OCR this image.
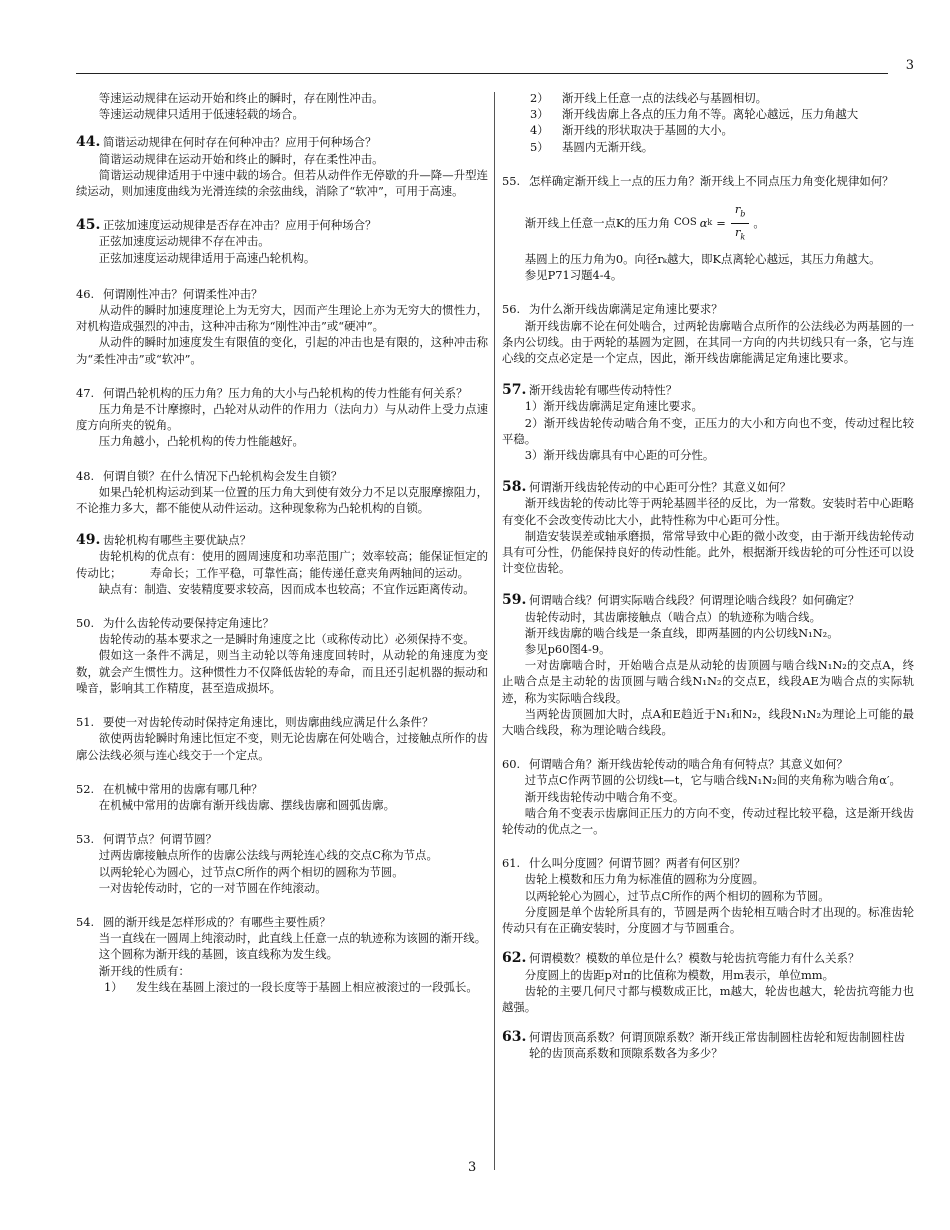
3
等速运动规律在运动开始和终止的瞬时，存在刚性冲击。
等速运动规律只适用于低速轻载的场合。
44. 简谐运动规律在何时存在何种冲击？应用于何种场合？
简谐运动规律在运动开始和终止的瞬时，存在柔性冲击。
简谐运动规律适用于中速中载的场合。但若从动件作无停歇的升—降—升型连续运动，则加速度曲线为光滑连续的余弦曲线，消除了“软冲”，可用于高速。
45. 正弦加速度运动规律是否存在冲击？应用于何种场合？
正弦加速度运动规律不存在冲击。
正弦加速度运动规律适用于高速凸轮机构。
46. 何谓刚性冲击？何谓柔性冲击？
从动件的瞬时加速度理论上为无穷大，因而产生理论上亦为无穷大的惯性力，对机构造成强烈的冲击，这种冲击称为“刚性冲击”或“硬冲”。
从动件的瞬时加速度发生有限值的变化，引起的冲击也是有限的，这种冲击称为“柔性冲击”或“软冲”。
47. 何谓凸轮机构的压力角？压力角的大小与凸轮机构的传力性能有何关系？
压力角是不计摩擦时，凸轮对从动件的作用力（法向力）与从动件上受力点速度方向所夹的锐角。
压力角越小，凸轮机构的传力性能越好。
48. 何谓自锁？在什么情况下凸轮机构会发生自锁？
如果凸轮机构运动到某一位置的压力角大到使有效分力不足以克服摩擦阻力，不论推力多大，都不能使从动件运动。这种现象称为凸轮机构的自锁。
49. 齿轮机构有哪些主要优缺点？
齿轮机构的优点有：使用的圆周速度和功率范围广；效率较高；能保证恒定的传动比；　　　寿命长；工作平稳，可靠性高；能传递任意夹角两轴间的运动。
缺点有：制造、安装精度要求较高，因而成本也较高；不宜作远距离传动。
50. 为什么齿轮传动要保持定角速比？
齿轮传动的基本要求之一是瞬时角速度之比（或称传动比）必须保持不变。
假如这一条件不满足，则当主动轮以等角速度回转时，从动轮的角速度为变数，就会产生惯性力。这种惯性力不仅降低齿轮的寿命，而且还引起机器的振动和噪音，影响其工作精度，甚至造成损坏。
51. 要使一对齿轮传动时保持定角速比，则齿廓曲线应满足什么条件？
欲使两齿轮瞬时角速比恒定不变，则无论齿廓在何处啮合，过接触点所作的齿廓公法线必须与连心线交于一个定点。
52. 在机械中常用的齿廓有哪几种？
在机械中常用的齿廓有渐开线齿廓、摆线齿廓和圆弧齿廓。
53. 何谓节点？何谓节圆？
过两齿廓接触点所作的齿廓公法线与两轮连心线的交点C称为节点。
以两轮轮心为圆心，过节点C所作的两个相切的圆称为节圆。
一对齿轮传动时，它的一对节圆在作纯滚动。
54. 圆的渐开线是怎样形成的？有哪些主要性质？
当一直线在一圆周上纯滚动时，此直线上任意一点的轨迹称为该圆的渐开线。
这个圆称为渐开线的基圆，该直线称为发生线。
渐开线的性质有：
1） 发生线在基圆上滚过的一段长度等于基圆上相应被滚过的一段弧长。
2） 渐开线上任意一点的法线必与基圆相切。
3） 渐开线齿廓上各点的压力角不等。离轮心越远，压力角越大
4） 渐开线的形状取决于基圆的大小。
5） 基圆内无渐开线。
55. 怎样确定渐开线上一点的压力角？渐开线上不同点压力角变化规律如何？
渐开线上任意一点K的压力角 COS α $k = \frac{r_b}{r_k}$ 。
基圆上的压力角为0。向径rₖ越大，即K点离轮心越远，其压力角越大。
参见P71习题4-4。
56. 为什么渐开线齿廓满足定角速比要求？
渐开线齿廓不论在何处啮合，过两轮齿廓啮合点所作的公法线必为两基圆的一条内公切线。由于两轮的基圆为定圆，在其同一方向的内共切线只有一条，它与连心线的交点必定是一个定点，因此，渐开线齿廓能满足定角速比要求。
57. 渐开线齿轮有哪些传动特性？
1）渐开线齿廓满足定角速比要求。
2）渐开线齿轮传动啮合角不变，正压力的大小和方向也不变，传动过程比较平稳。
3）渐开线齿廓具有中心距的可分性。
58. 何谓渐开线齿轮传动的中心距可分性？其意义如何？
渐开线齿轮的传动比等于两轮基圆半径的反比，为一常数。安装时若中心距略有变化不会改变传动比大小，此特性称为中心距可分性。
制造安装误差或轴承磨损，常常导致中心距的微小改变，由于渐开线齿轮传动具有可分性，仍能保持良好的传动性能。此外，根据渐开线齿轮的可分性还可以设计变位齿轮。
59. 何谓啮合线？何谓实际啮合线段？何谓理论啮合线段？如何确定？
齿轮传动时，其齿廓接触点（啮合点）的轨迹称为啮合线。
渐开线齿廓的啮合线是一条直线，即两基圆的内公切线N₁N₂。
参见p60图4-9。
一对齿廓啮合时，开始啮合点是从动轮的齿顶圆与啮合线N₁N₂的交点A，终止啮合点是主动轮的齿顶圆与啮合线N₁N₂的交点E，线段AE为啮合点的实际轨迹，称为实际啮合线段。
当两轮齿顶圆加大时，点A和E趋近于N₁和N₂，线段N₁N₂为理论上可能的最大啮合线段，称为理论啮合线段。
60. 何谓啮合角？渐开线齿轮传动的啮合角有何特点？其意义如何？
过节点C作两节圆的公切线t—t，它与啮合线N₁N₂间的夹角称为啮合角α′。
渐开线齿轮传动中啮合角不变。
啮合角不变表示齿廓间正压力的方向不变，传动过程比较平稳，这是渐开线齿轮传动的优点之一。
61. 什么叫分度圆？何谓节圆？两者有何区别？
齿轮上模数和压力角为标准值的圆称为分度圆。
以两轮轮心为圆心，过节点C所作的两个相切的圆称为节圆。
分度圆是单个齿轮所具有的，节圆是两个齿轮相互啮合时才出现的。标准齿轮传动只有在正确安装时，分度圆才与节圆重合。
62. 何谓模数？模数的单位是什么？模数与轮齿抗弯能力有什么关系？
分度圆上的齿距p对π的比值称为模数，用m表示，单位mm。
齿轮的主要几何尺寸都与模数成正比，m越大，轮齿也越大，轮齿抗弯能力也越强。
63. 何谓齿顶高系数？何谓顶隙系数？渐开线正常齿制圆柱齿轮和短齿制圆柱齿轮的齿顶高系数和顶隙系数各为多少？
3
